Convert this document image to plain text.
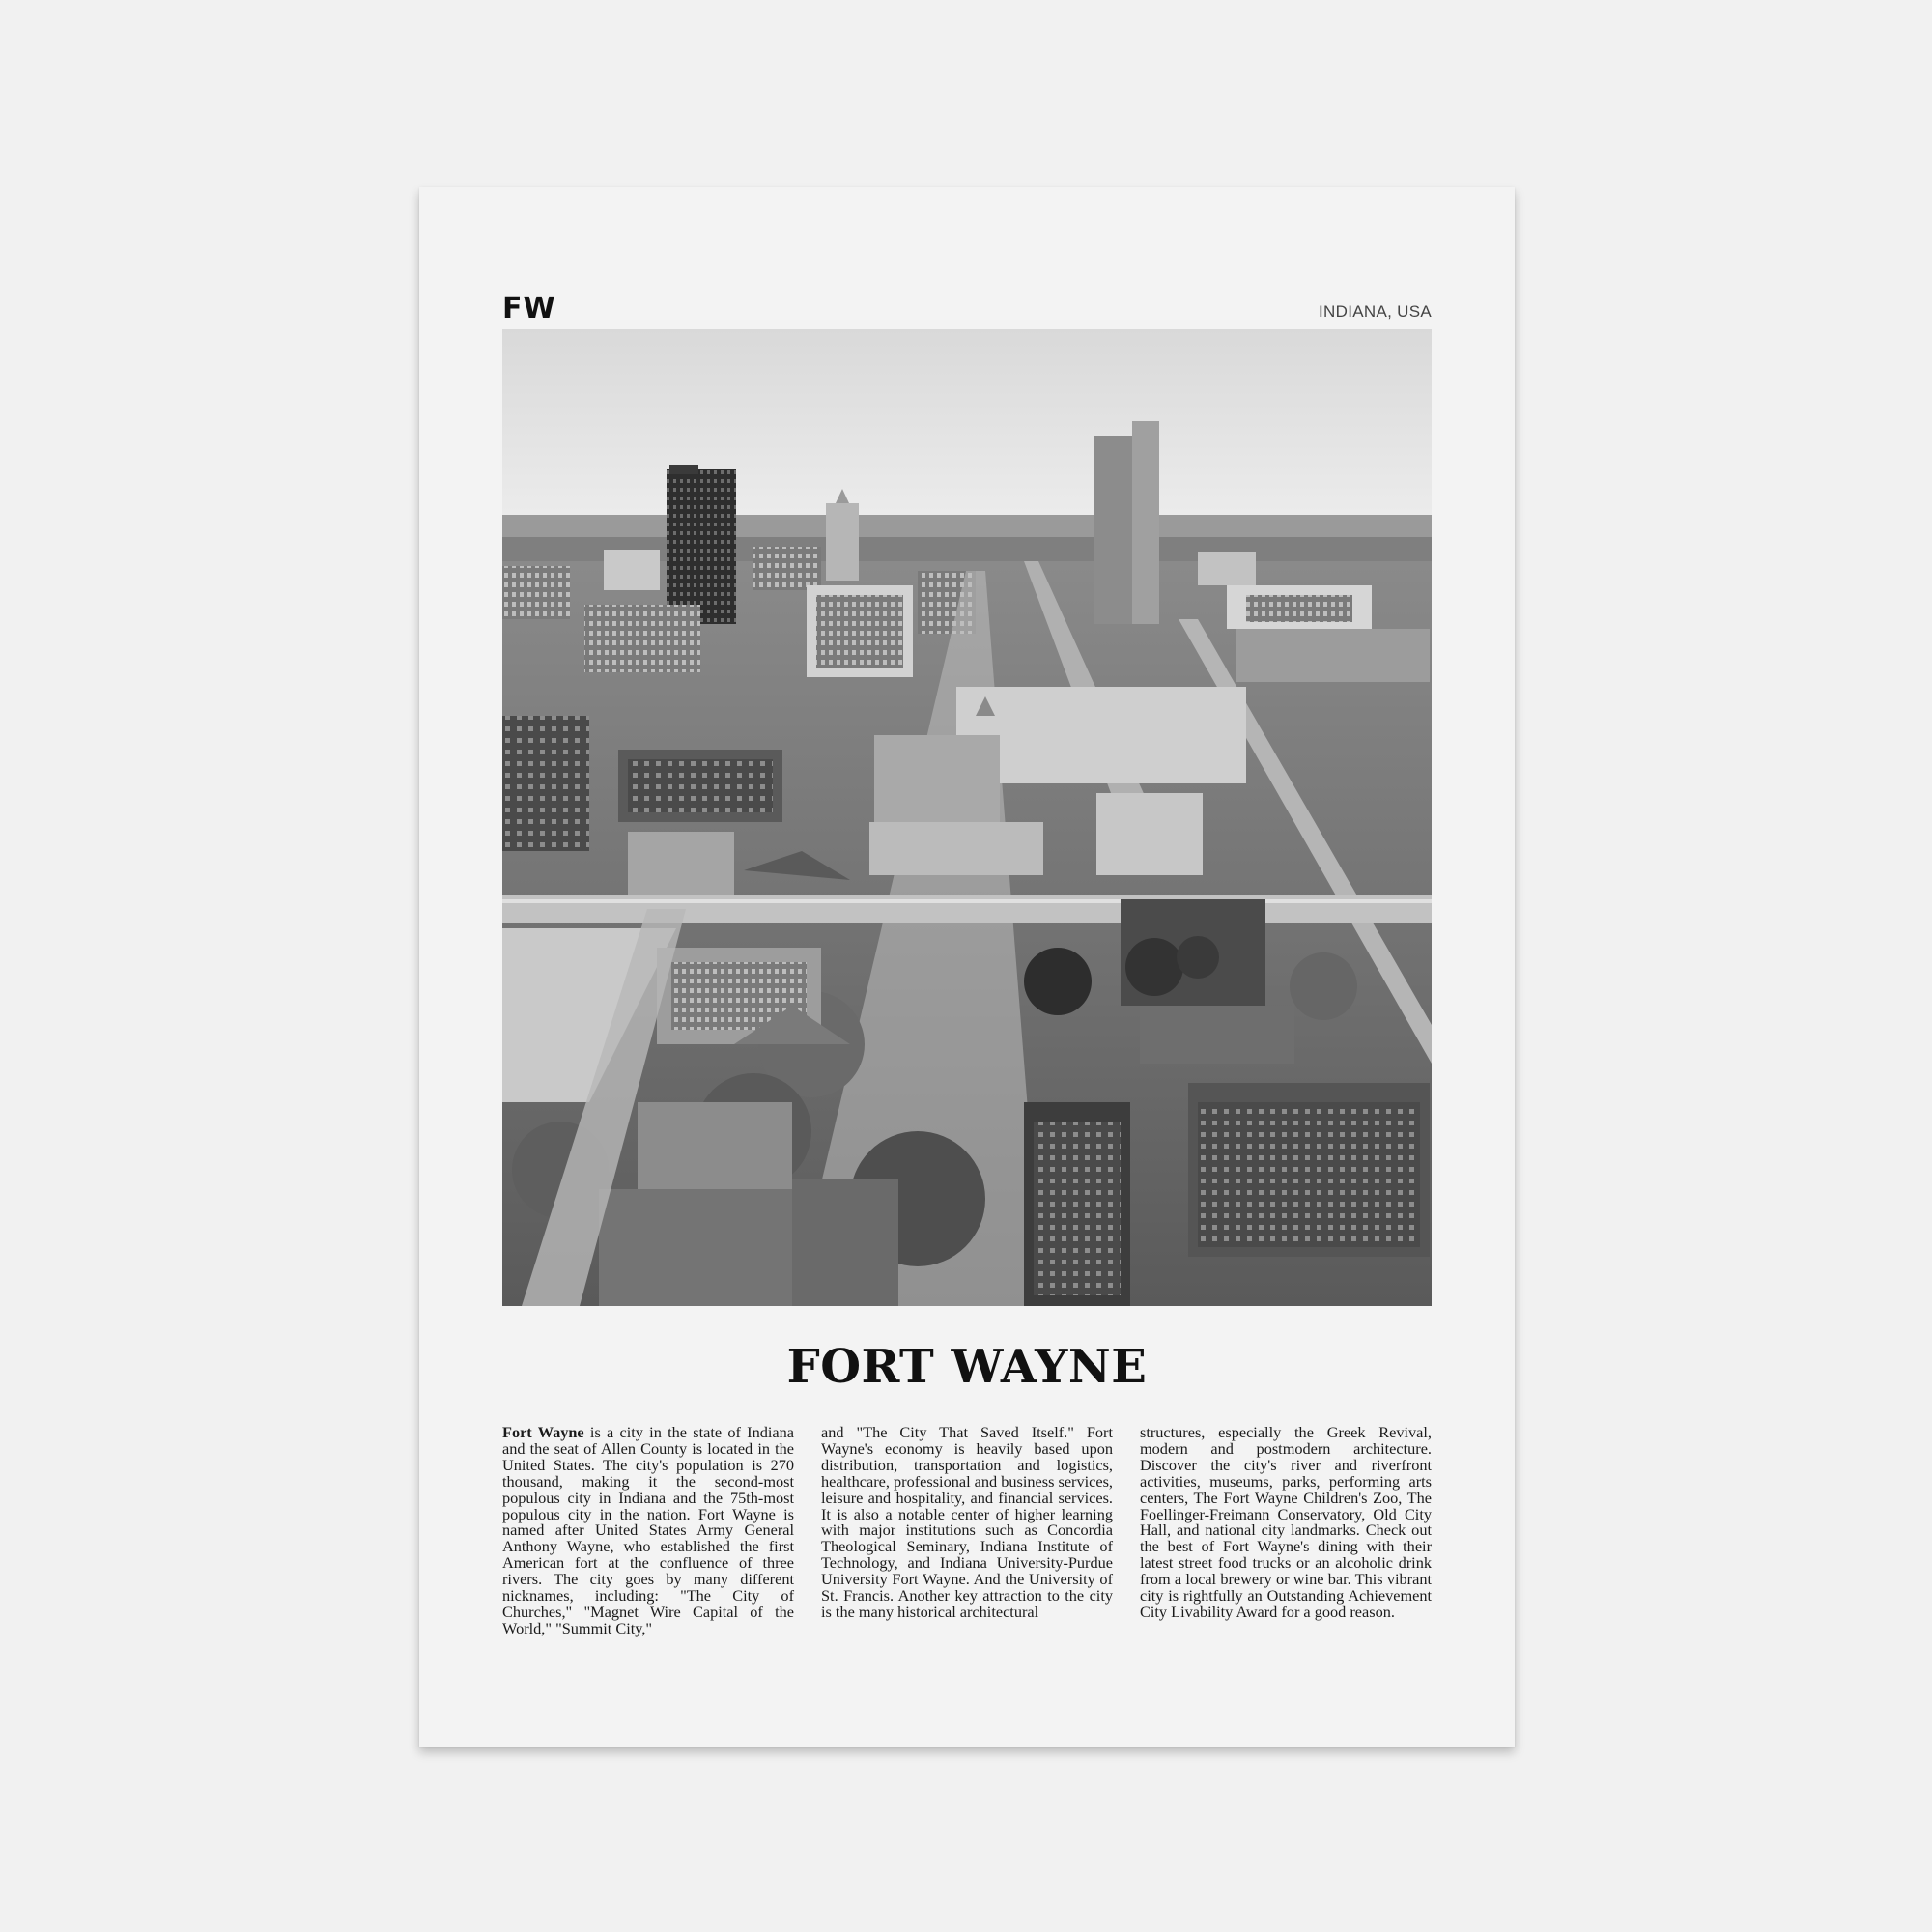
FW	INDIANA, USA
FORT WAYNE
Fort Wayne is a city in the state of Indiana and the seat of Allen County is located in the United States. The city's population is 270 thousand, making it the second-most populous city in Indiana and the 75th-most populous city in the nation. Fort Wayne is named after United States Army General Anthony Wayne, who established the first American fort at the confluence of three rivers. The city goes by many different nicknames, including: "The City of Churches," "Magnet Wire Capital of the World," "Summit City,"
and "The City That Saved Itself." Fort Wayne's economy is heavily based upon distribution, transportation and logistics, healthcare, professional and business services, leisure and hospitality, and financial services. It is also a notable center of higher learning with major institutions such as Concordia Theological Seminary, Indiana Institute of Technology, and Indiana University-Purdue University Fort Wayne. And the University of St. Francis. Another key attraction to the city is the many historical architectural
structures, especially the Greek Revival, modern and postmodern architecture. Discover the city's river and riverfront activities, museums, parks, performing arts centers, The Fort Wayne Children's Zoo, The Foellinger-Freimann Conservatory, Old City Hall, and national city landmarks. Check out the best of Fort Wayne's dining with their latest street food trucks or an alcoholic drink from a local brewery or wine bar. This vibrant city is rightfully an Outstanding Achievement City Livability Award for a good reason.
